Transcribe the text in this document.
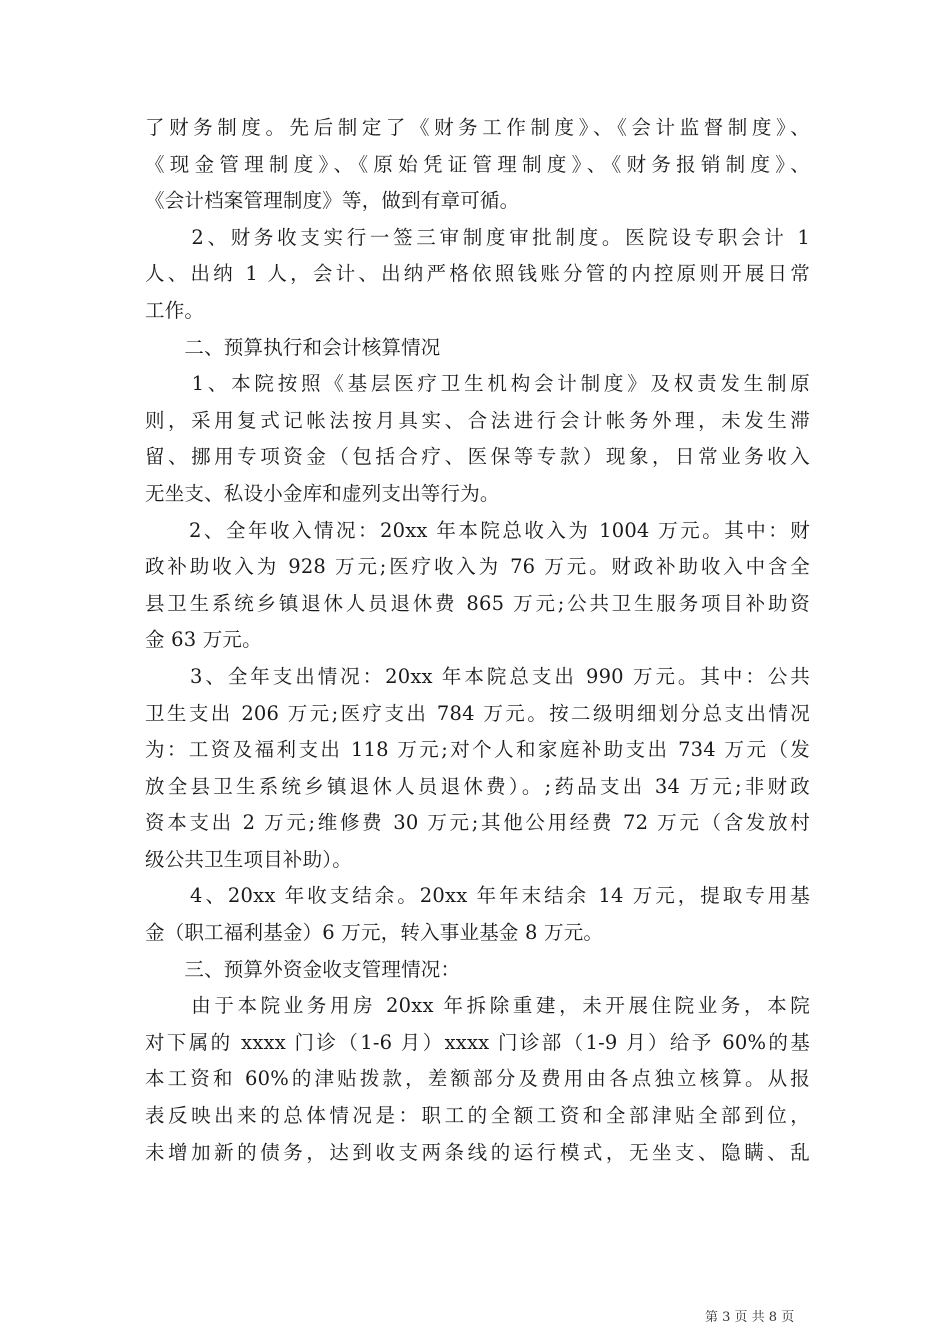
了财务制度。先后制定了《财务工作制度》、《会计监督制度》、
《现金管理制度》、《原始凭证管理制度》、《财务报销制度》、
《会计档案管理制度》等，做到有章可循。
　　2、财务收支实行一签三审制度审批制度。医院设专职会计 1
人、出纳 1 人，会计、出纳严格依照钱账分管的内控原则开展日常
工作。
　　二、预算执行和会计核算情况
　　1、本院按照《基层医疗卫生机构会计制度》及权责发生制原
则，采用复式记帐法按月具实、合法进行会计帐务外理，未发生滞
留、挪用专项资金（包括合疗、医保等专款）现象，日常业务收入
无坐支、私设小金库和虚列支出等行为。
　　2、全年收入情况：20xx 年本院总收入为 1004 万元。其中：财
政补助收入为 928 万元;医疗收入为 76 万元。财政补助收入中含全
县卫生系统乡镇退休人员退休费 865 万元;公共卫生服务项目补助资
金 63 万元。
　　3、全年支出情况：20xx 年本院总支出 990 万元。其中：公共
卫生支出 206 万元;医疗支出 784 万元。按二级明细划分总支出情况
为：工资及福利支出 118 万元;对个人和家庭补助支出 734 万元（发
放全县卫生系统乡镇退休人员退休费）。;药品支出 34 万元;非财政
资本支出 2 万元;维修费 30 万元;其他公用经费 72 万元（含发放村
级公共卫生项目补助）。
　　4、20xx 年收支结余。20xx 年年末结余 14 万元，提取专用基
金（职工福利基金）6 万元，转入事业基金 8 万元。
　　三、预算外资金收支管理情况：
　　由于本院业务用房 20xx 年拆除重建，未开展住院业务，本院
对下属的 xxxx 门诊（1-6 月）xxxx 门诊部（1-9 月）给予 60%的基
本工资和 60%的津贴拨款，差额部分及费用由各点独立核算。从报
表反映出来的总体情况是：职工的全额工资和全部津贴全部到位，
未增加新的债务，达到收支两条线的运行模式，无坐支、隐瞒、乱
第 3 页 共 8 页
